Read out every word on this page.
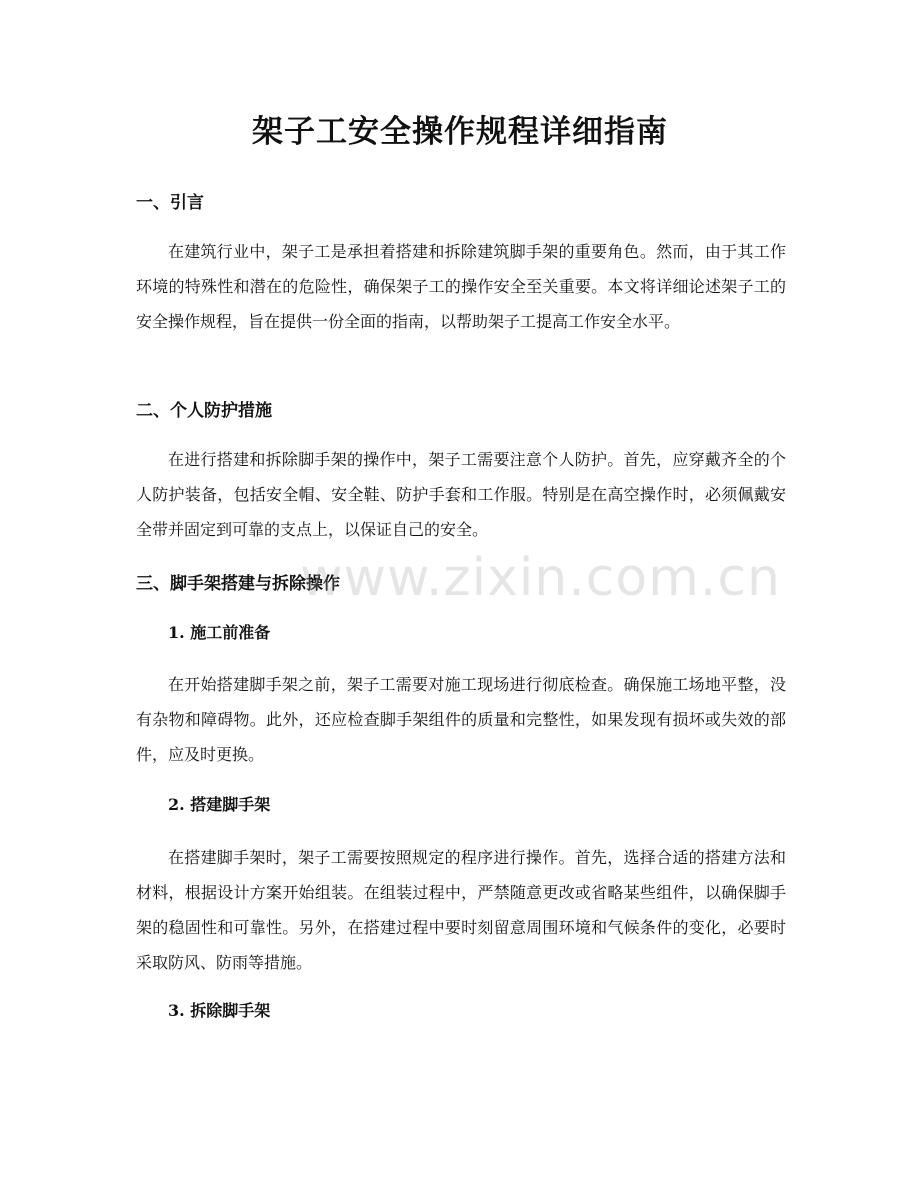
架子工安全操作规程详细指南
一、引言

在建筑行业中，架子工是承担着搭建和拆除建筑脚手架的重要角色。然而，由于其工作环境的特殊性和潜在的危险性，确保架子工的操作安全至关重要。本文将详细论述架子工的安全操作规程，旨在提供一份全面的指南，以帮助架子工提高工作安全水平。

二、个人防护措施

在进行搭建和拆除脚手架的操作中，架子工需要注意个人防护。首先，应穿戴齐全的个人防护装备，包括安全帽、安全鞋、防护手套和工作服。特别是在高空操作时，必须佩戴安全带并固定到可靠的支点上，以保证自己的安全。

三、脚手架搭建与拆除操作
1. 施工前准备

在开始搭建脚手架之前，架子工需要对施工现场进行彻底检查。确保施工场地平整，没有杂物和障碍物。此外，还应检查脚手架组件的质量和完整性，如果发现有损坏或失效的部件，应及时更换。

2. 搭建脚手架

在搭建脚手架时，架子工需要按照规定的程序进行操作。首先，选择合适的搭建方法和材料，根据设计方案开始组装。在组装过程中，严禁随意更改或省略某些组件，以确保脚手架的稳固性和可靠性。另外，在搭建过程中要时刻留意周围环境和气候条件的变化，必要时采取防风、防雨等措施。

3. 拆除脚手架
www.zixin.com.cn
